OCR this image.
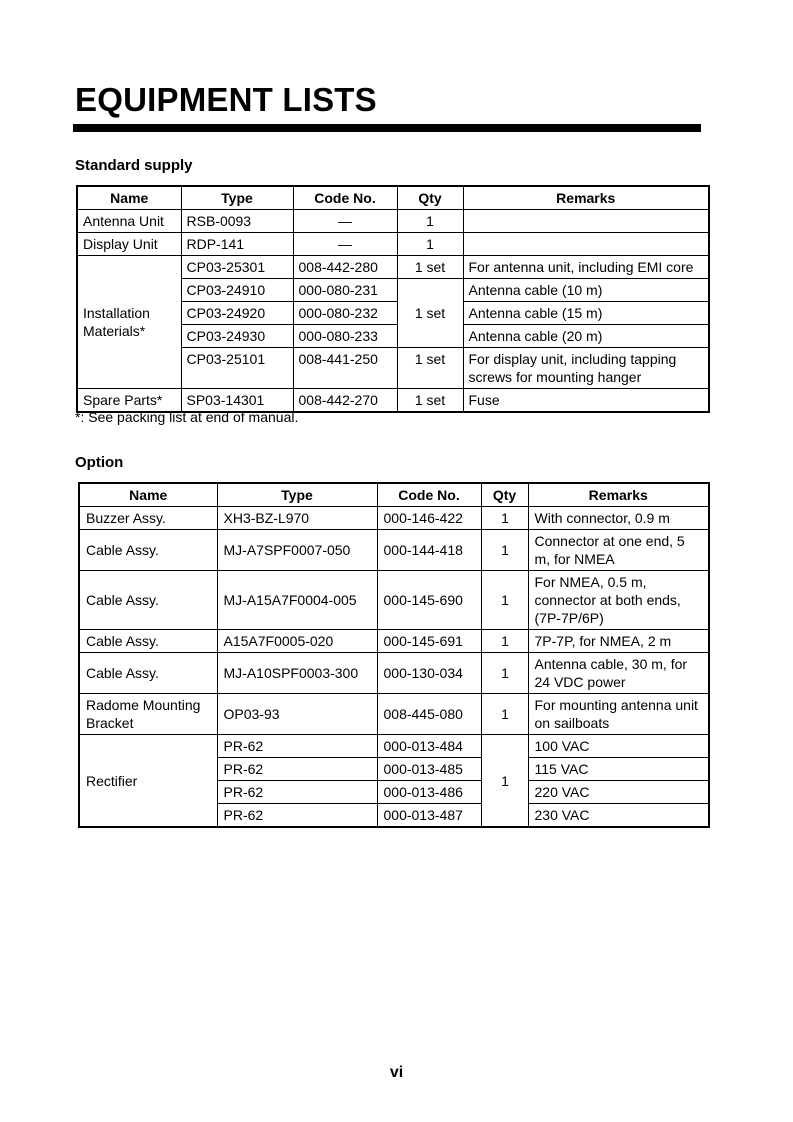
EQUIPMENT LISTS
Standard supply
Name	Type	Code No.	Qty	Remarks
Antenna Unit	RSB-0093	—	1	
Display Unit	RDP-141	—	1	
Installation Materials*	CP03-25301	008-442-280	1 set	For antenna unit, including EMI core
	CP03-24910	000-080-231	1 set	Antenna cable (10 m)
	CP03-24920	000-080-232		Antenna cable (15 m)
	CP03-24930	000-080-233		Antenna cable (20 m)
	CP03-25101	008-441-250	1 set	For display unit, including tapping screws for mounting hanger
Spare Parts*	SP03-14301	008-442-270	1 set	Fuse

*: See packing list at end of manual.

Option
Name	Type	Code No.	Qty	Remarks
Buzzer Assy.	XH3-BZ-L970	000-146-422	1	With connector, 0.9 m
Cable Assy.	MJ-A7SPF0007-050	000-144-418	1	Connector at one end, 5 m, for NMEA
Cable Assy.	MJ-A15A7F0004-005	000-145-690	1	For NMEA, 0.5 m, connector at both ends, (7P-7P/6P)
Cable Assy.	A15A7F0005-020	000-145-691	1	7P-7P, for NMEA, 2 m
Cable Assy.	MJ-A10SPF0003-300	000-130-034	1	Antenna cable, 30 m, for 24 VDC power
Radome Mounting Bracket	OP03-93	008-445-080	1	For mounting antenna unit on sailboats
Rectifier	PR-62	000-013-484	1	100 VAC
	PR-62	000-013-485		115 VAC
	PR-62	000-013-486		220 VAC
	PR-62	000-013-487		230 VAC

vi
